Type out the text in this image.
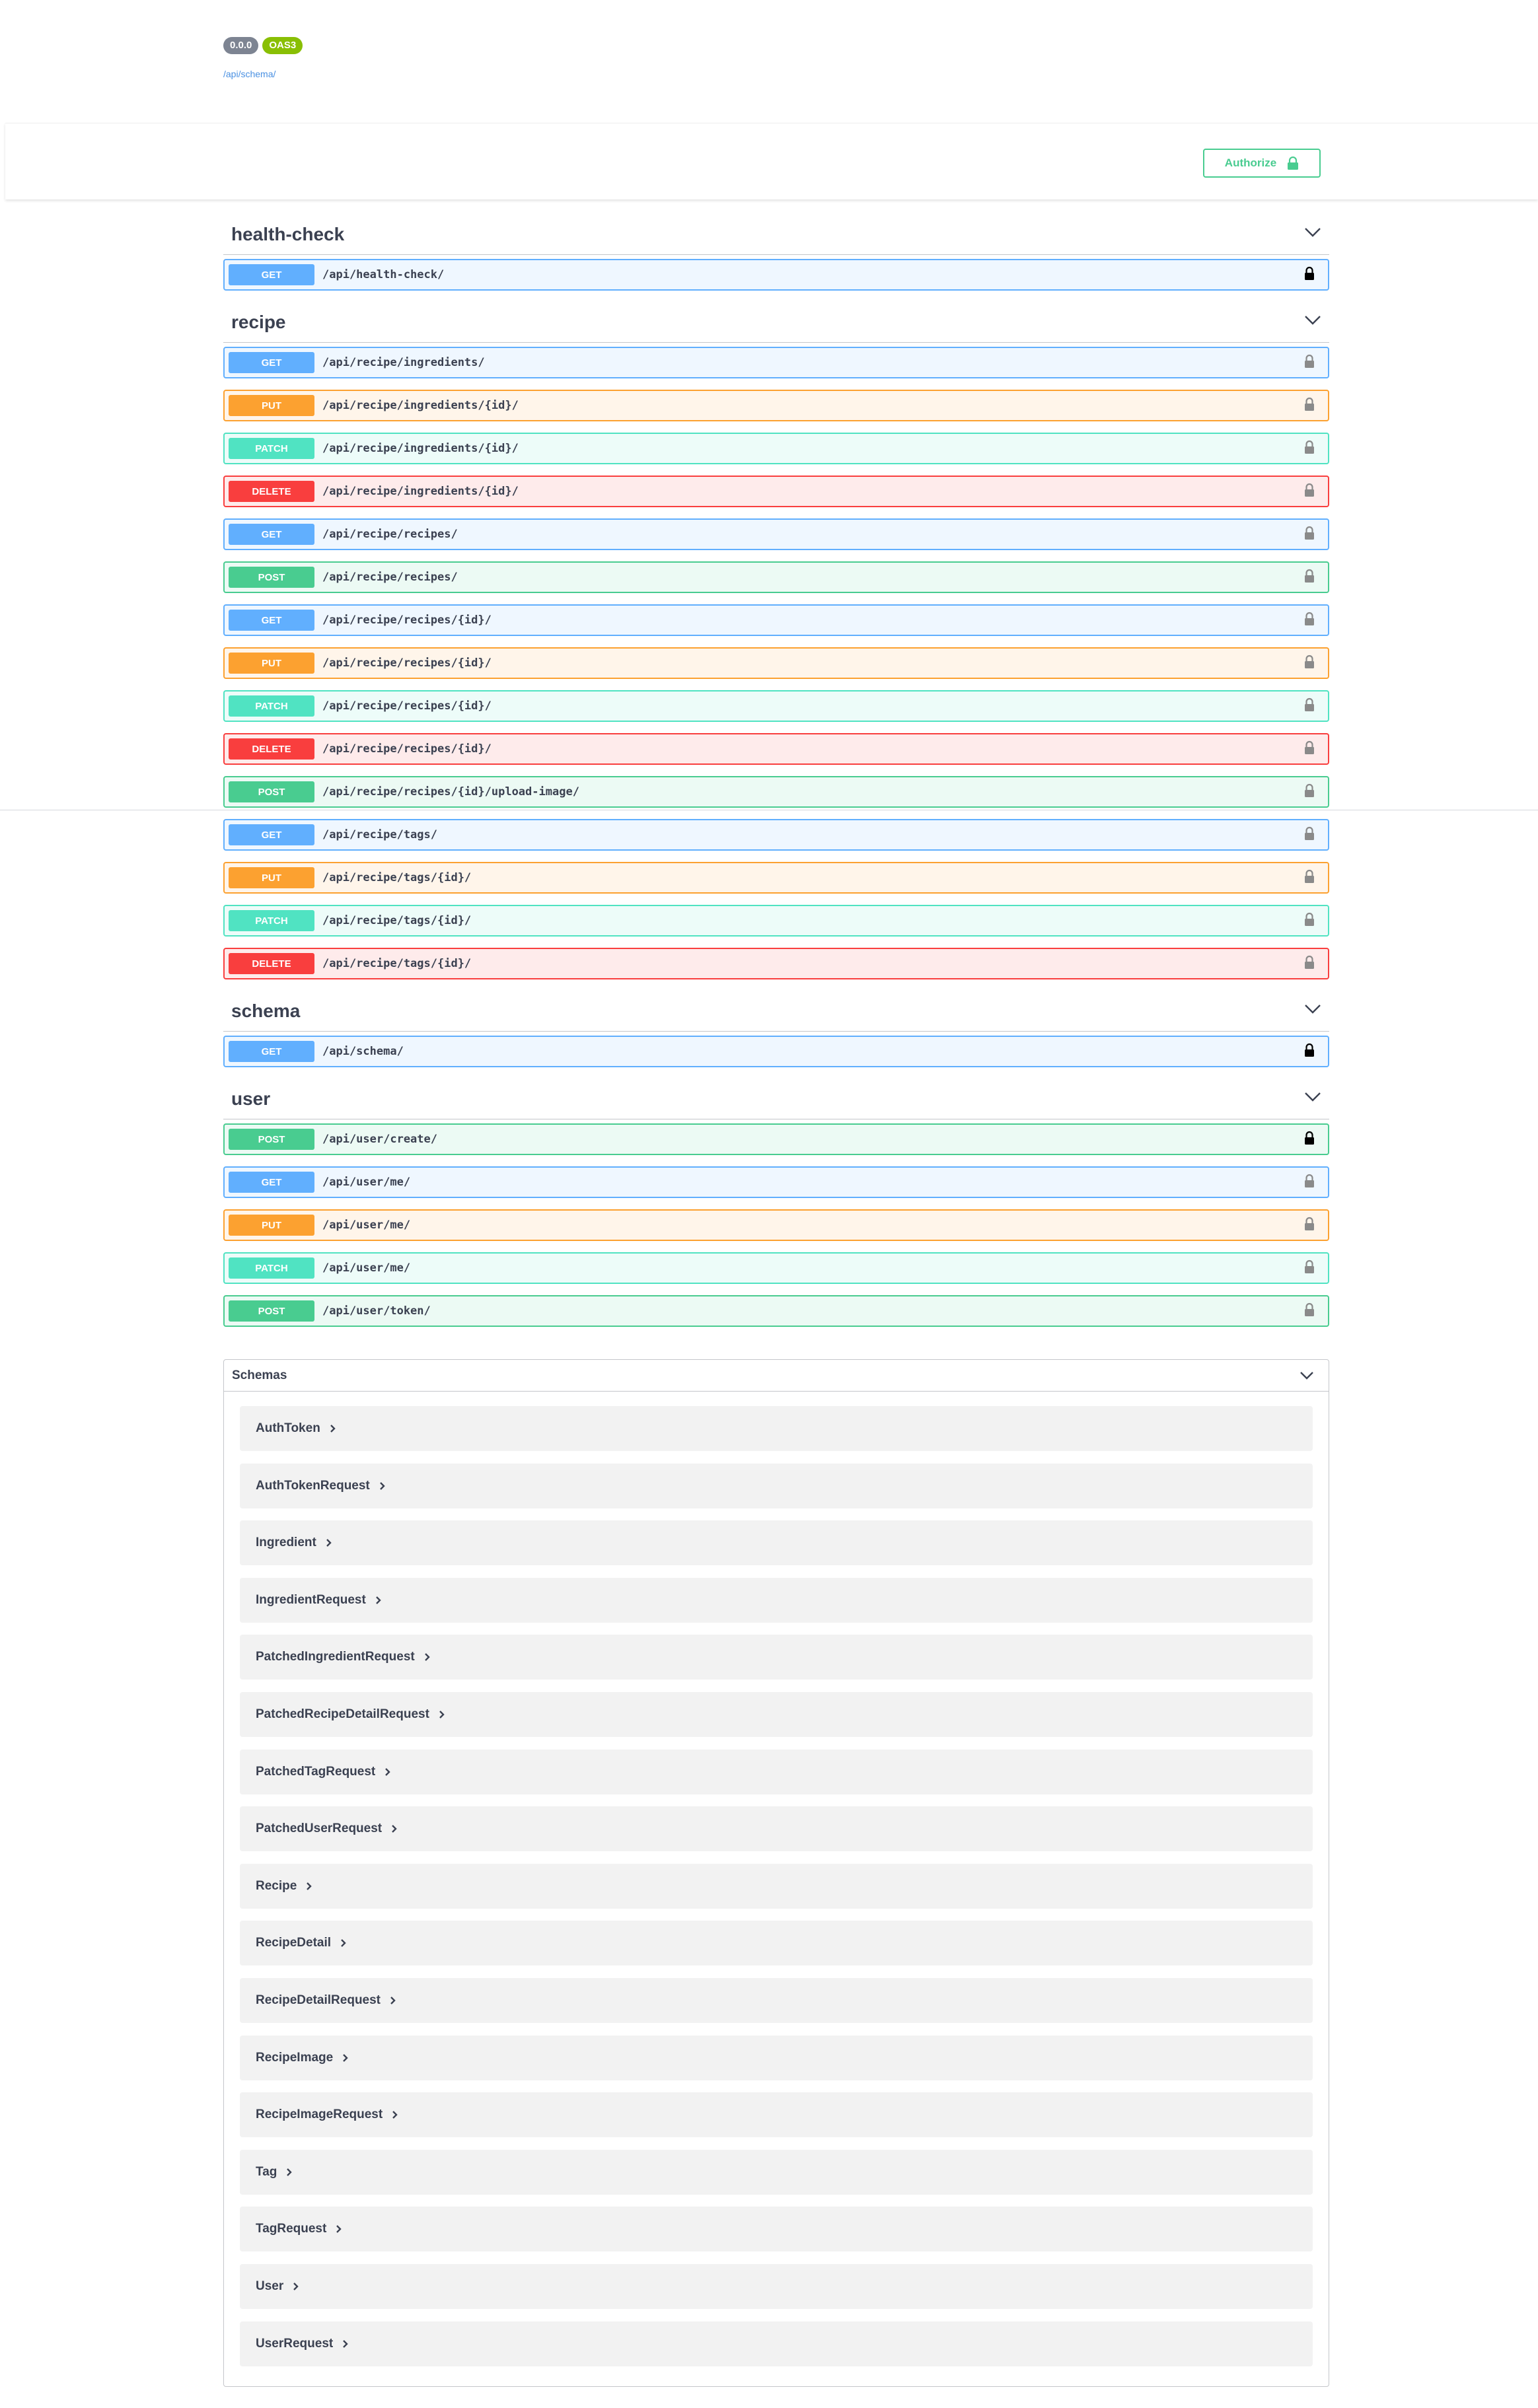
0.0.0	OAS3
/api/schema/
Authorize
health-check
GET	/api/health-check/
recipe
GET	/api/recipe/ingredients/
PUT	/api/recipe/ingredients/{id}/
PATCH	/api/recipe/ingredients/{id}/
DELETE	/api/recipe/ingredients/{id}/
GET	/api/recipe/recipes/
POST	/api/recipe/recipes/
GET	/api/recipe/recipes/{id}/
PUT	/api/recipe/recipes/{id}/
PATCH	/api/recipe/recipes/{id}/
DELETE	/api/recipe/recipes/{id}/
POST	/api/recipe/recipes/{id}/upload-image/
GET	/api/recipe/tags/
PUT	/api/recipe/tags/{id}/
PATCH	/api/recipe/tags/{id}/
DELETE	/api/recipe/tags/{id}/
schema
GET	/api/schema/
user
POST	/api/user/create/
GET	/api/user/me/
PUT	/api/user/me/
PATCH	/api/user/me/
POST	/api/user/token/
Schemas
AuthToken
AuthTokenRequest
Ingredient
IngredientRequest
PatchedIngredientRequest
PatchedRecipeDetailRequest
PatchedTagRequest
PatchedUserRequest
Recipe
RecipeDetail
RecipeDetailRequest
RecipeImage
RecipeImageRequest
Tag
TagRequest
User
UserRequest
